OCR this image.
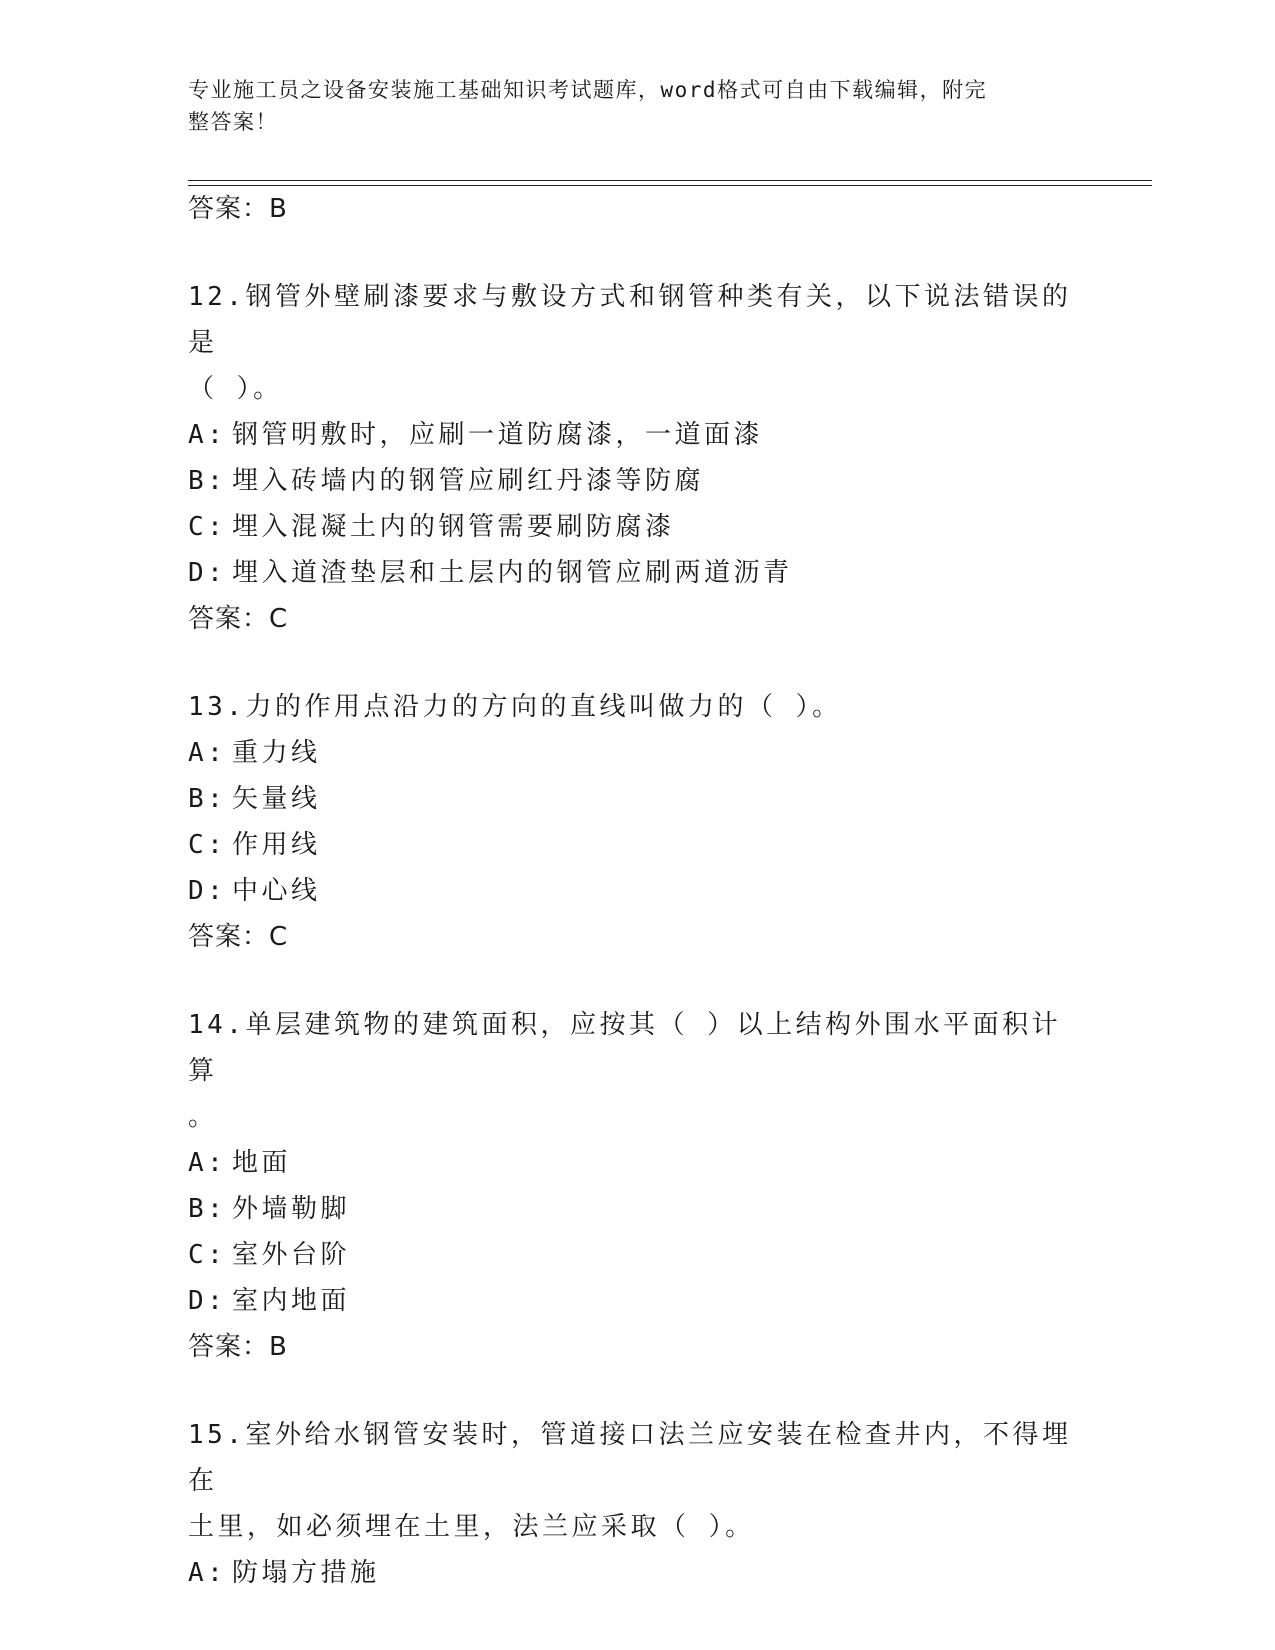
专业施工员之设备安装施工基础知识考试题库，word格式可自由下载编辑，附完
整答案！
答案：B
12.钢管外壁刷漆要求与敷设方式和钢管种类有关，以下说法错误的是
（ ）。
A: 钢管明敷时，应刷一道防腐漆，一道面漆
B: 埋入砖墙内的钢管应刷红丹漆等防腐
C: 埋入混凝土内的钢管需要刷防腐漆
D: 埋入道渣垫层和土层内的钢管应刷两道沥青
答案：C
13.力的作用点沿力的方向的直线叫做力的（ ）。
A: 重力线
B: 矢量线
C: 作用线
D: 中心线
答案：C
14.单层建筑物的建筑面积，应按其（ ）以上结构外围水平面积计算
。
A: 地面
B: 外墙勒脚
C: 室外台阶
D: 室内地面
答案：B
15.室外给水钢管安装时，管道接口法兰应安装在检查井内，不得埋在
土里，如必须埋在土里，法兰应采取（ ）。
A: 防塌方措施
